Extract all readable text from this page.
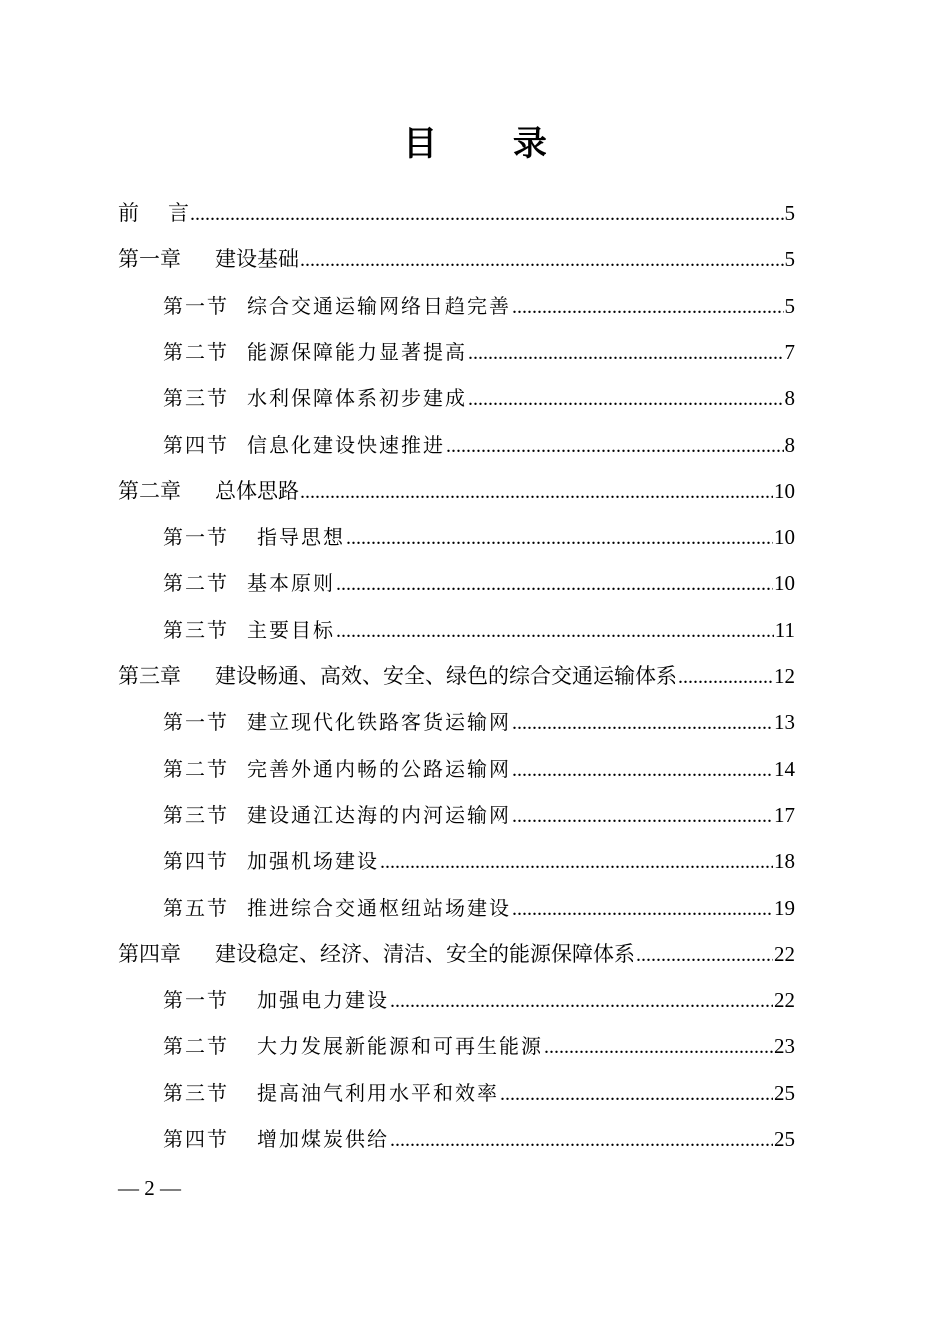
目 录
前	言 .....	5
第一章	建设基础 .....	5
第一节 综合交通运输网络日趋完善 .....	5
第二节 能源保障能力显著提高 .....	7
第三节 水利保障体系初步建成 .....	8
第四节 信息化建设快速推进 .....	8
第二章	总体思路 .....	10
第一节	指导思想 .....	10
第二节 基本原则 .....	10
第三节 主要目标 .....	11
第三章	建设畅通、高效、安全、绿色的综合交通运输体系 .....	12
第一节 建立现代化铁路客货运输网 .....	13
第二节 完善外通内畅的公路运输网 .....	14
第三节 建设通江达海的内河运输网 .....	17
第四节 加强机场建设 .....	18
第五节 推进综合交通枢纽站场建设 .....	19
第四章	建设稳定、经济、清洁、安全的能源保障体系 .....	22
第一节	加强电力建设 .....	22
第二节	大力发展新能源和可再生能源 .....	23
第三节	提高油气利用水平和效率 .....	25
第四节	增加煤炭供给 .....	25
— 2 —
